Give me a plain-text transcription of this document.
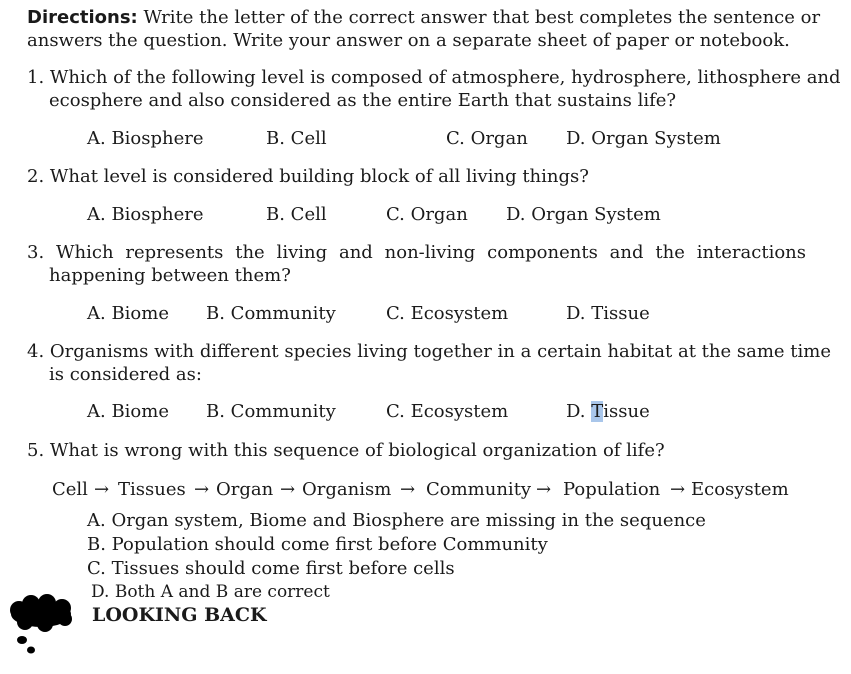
Directions: Write the letter of the correct answer that best completes the sentence or
answers the question. Write your answer on a separate sheet of paper or notebook.
1. Which of the following level is composed of atmosphere, hydrosphere, lithosphere and
ecosphere and also considered as the entire Earth that sustains life?
A. Biosphere	B. Cell	C. Organ D. Organ System
2. What level is considered building block of all living things?
A. Biosphere	B. Cell	C. Organ D. Organ System
3. Which represents the living and non-living components and the interactions
happening between them?
A. Biome B. Community	C. Ecosystem	D. Tissue
4. Organisms with different species living together in a certain habitat at the same time
is considered as:
A. Biome B. Community	C. Ecosystem	D. Tissue
5. What is wrong with this sequence of biological organization of life?
Cell → Tissues → Organ → Organism → Community → Population → Ecosystem
A. Organ system, Biome and Biosphere are missing in the sequence
B. Population should come first before Community
C. Tissues should come first before cells
D. Both A and B are correct
LOOKING BACK
